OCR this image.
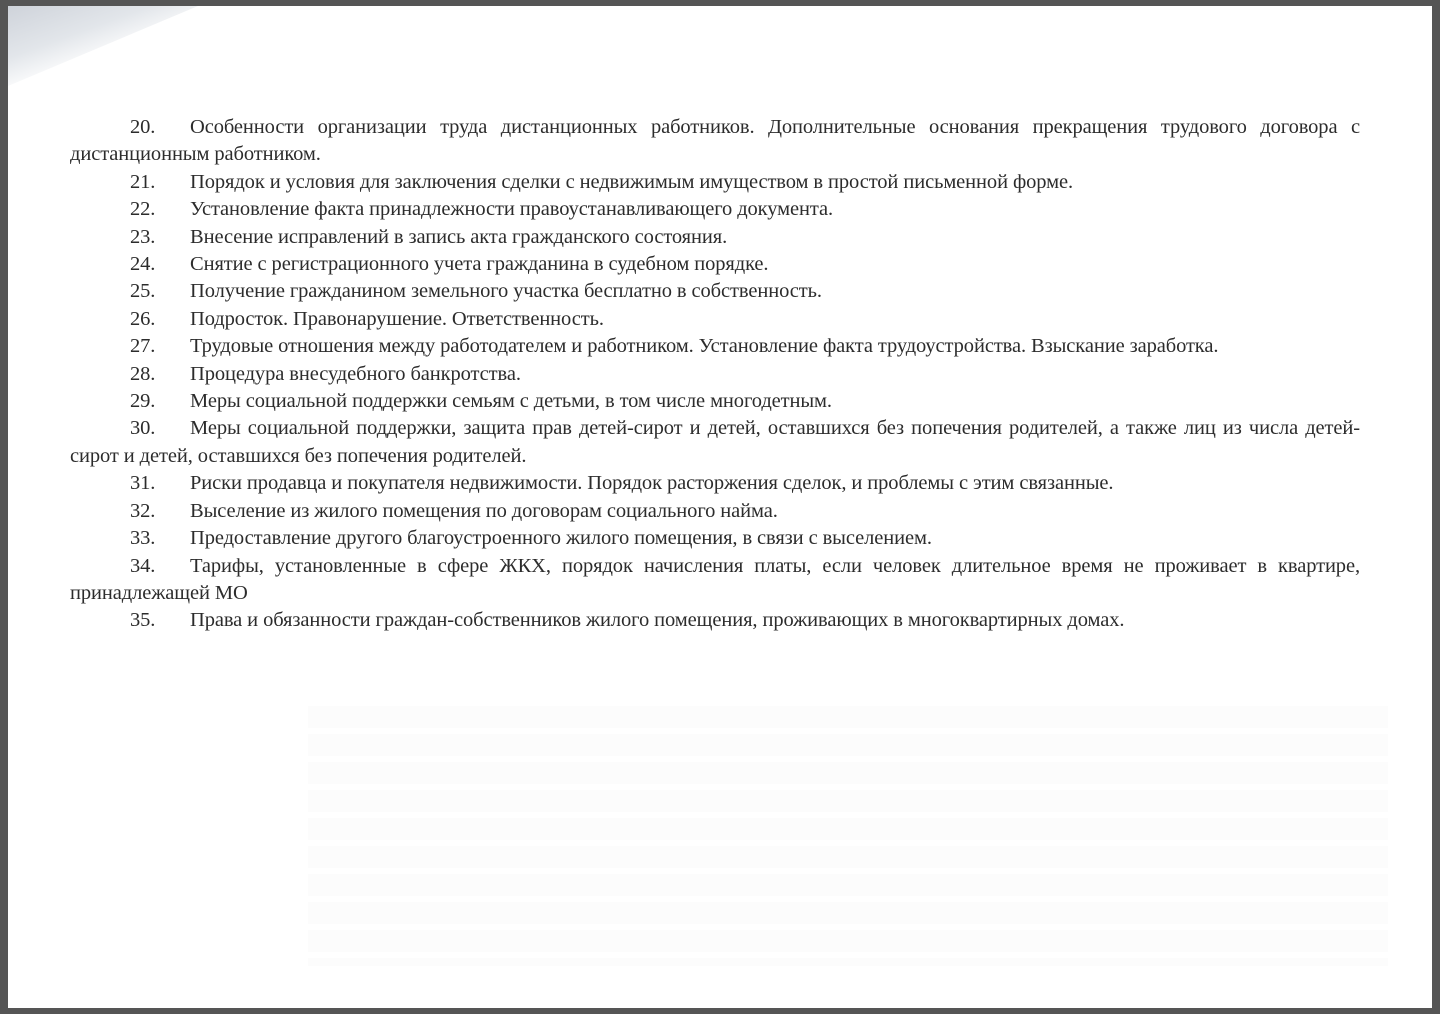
20. Особенности организации труда дистанционных работников. Дополнительные основания прекращения трудового договора с дистанционным работником.
21. Порядок и условия для заключения сделки с недвижимым имуществом в простой письменной форме.
22. Установление факта принадлежности правоустанавливающего документа.
23. Внесение исправлений в запись акта гражданского состояния.
24. Снятие с регистрационного учета гражданина в судебном порядке.
25. Получение гражданином земельного участка бесплатно в собственность.
26. Подросток. Правонарушение. Ответственность.
27. Трудовые отношения между работодателем и работником. Установление факта трудоустройства. Взыскание заработка.
28. Процедура внесудебного банкротства.
29. Меры социальной поддержки семьям с детьми, в том числе многодетным.
30. Меры социальной поддержки, защита прав детей-сирот и детей, оставшихся без попечения родителей, а также лиц из числа детей-сирот и детей, оставшихся без попечения родителей.
31. Риски продавца и покупателя недвижимости. Порядок расторжения сделок, и проблемы с этим связанные.
32. Выселение из жилого помещения по договорам социального найма.
33. Предоставление другого благоустроенного жилого помещения, в связи с выселением.
34. Тарифы, установленные в сфере ЖКХ, порядок начисления платы, если человек длительное время не проживает в квартире, принадлежащей МО
35. Права и обязанности граждан-собственников жилого помещения, проживающих в многоквартирных домах.
